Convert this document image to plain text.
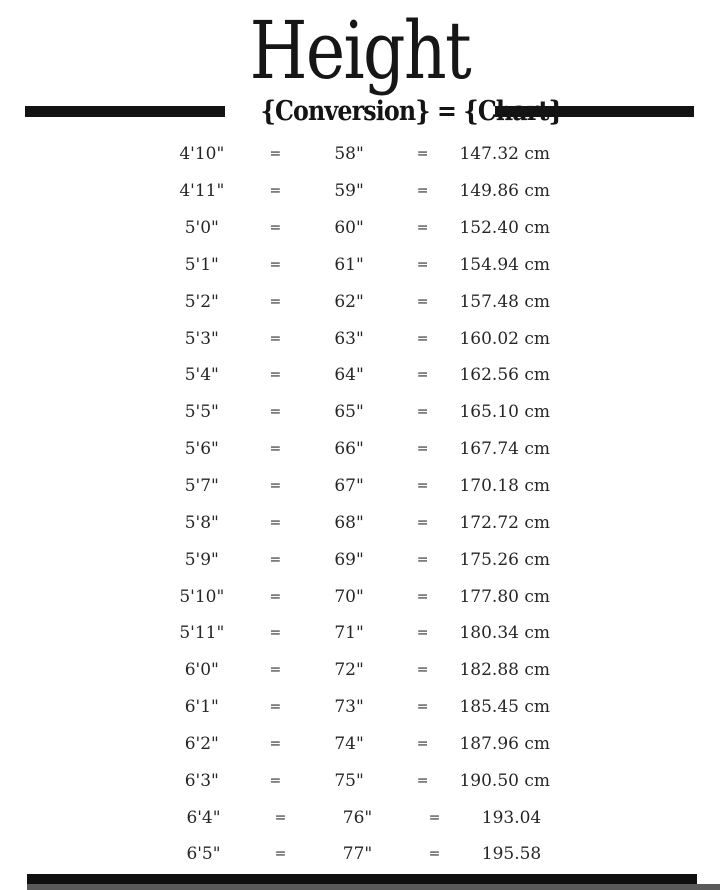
Height
{Conversion} = {Chart}
4'10"	=	58"	=	147.32 cm
4'11"	=	59"	=	149.86 cm
5'0"	=	60"	=	152.40 cm
5'1"	=	61"	=	154.94 cm
5'2"	=	62"	=	157.48 cm
5'3"	=	63"	=	160.02 cm
5'4"	=	64"	=	162.56 cm
5'5"	=	65"	=	165.10 cm
5'6"	=	66"	=	167.74 cm
5'7"	=	67"	=	170.18 cm
5'8"	=	68"	=	172.72 cm
5'9"	=	69"	=	175.26 cm
5'10"	=	70"	=	177.80 cm
5'11"	=	71"	=	180.34 cm
6'0"	=	72"	=	182.88 cm
6'1"	=	73"	=	185.45 cm
6'2"	=	74"	=	187.96 cm
6'3"	=	75"	=	190.50 cm
6'4"	=	76"	=	193.04
6'5"	=	77"	=	195.58
